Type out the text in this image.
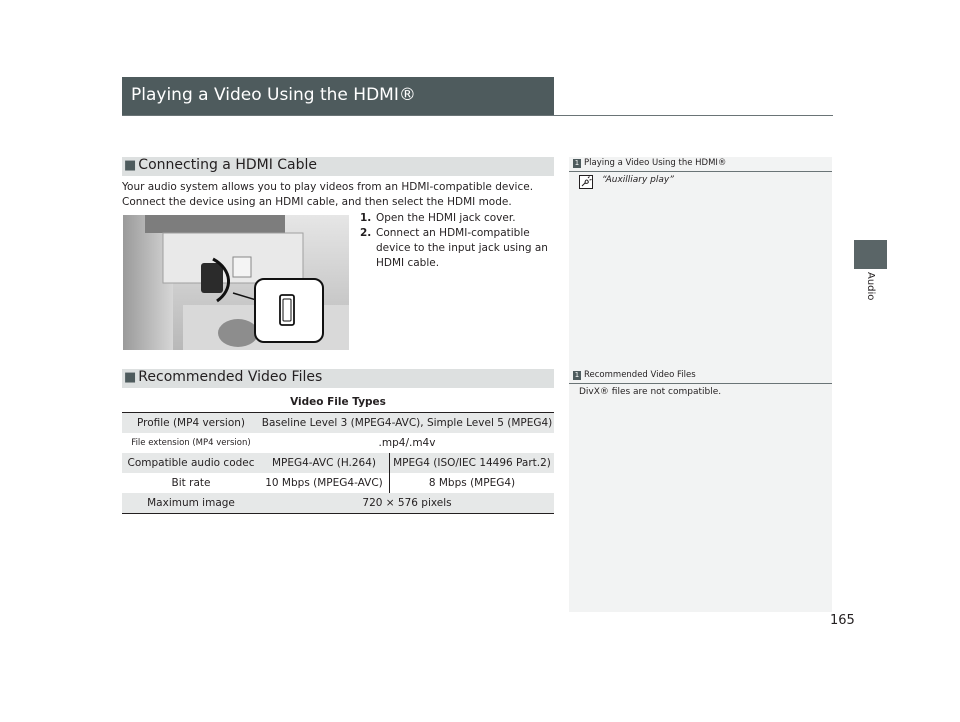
Playing a Video Using the HDMI®
Audio
1 Playing a Video Using the HDMI®
“Auxilliary play”
1 Recommended Video Files
DivX® files are not compatible.
■ Connecting a HDMI Cable
Your audio system allows you to play videos from an HDMI-compatible device.
Connect the device using an HDMI cable, and then select the HDMI mode.
1. Open the HDMI jack cover.
2. Connect an HDMI-compatible
device to the input jack using an
HDMI cable.
■ Recommended Video Files
Video File Types
Profile (MP4 version)	Baseline Level 3 (MPEG4-AVC), Simple Level 5 (MPEG4)
File extension (MP4 version)	.mp4/.m4v
Compatible audio codec	MPEG4-AVC (H.264)	MPEG4 (ISO/IEC 14496 Part.2)
Bit rate	10 Mbps (MPEG4-AVC)	8 Mbps (MPEG4)
Maximum image	720 × 576 pixels
165
